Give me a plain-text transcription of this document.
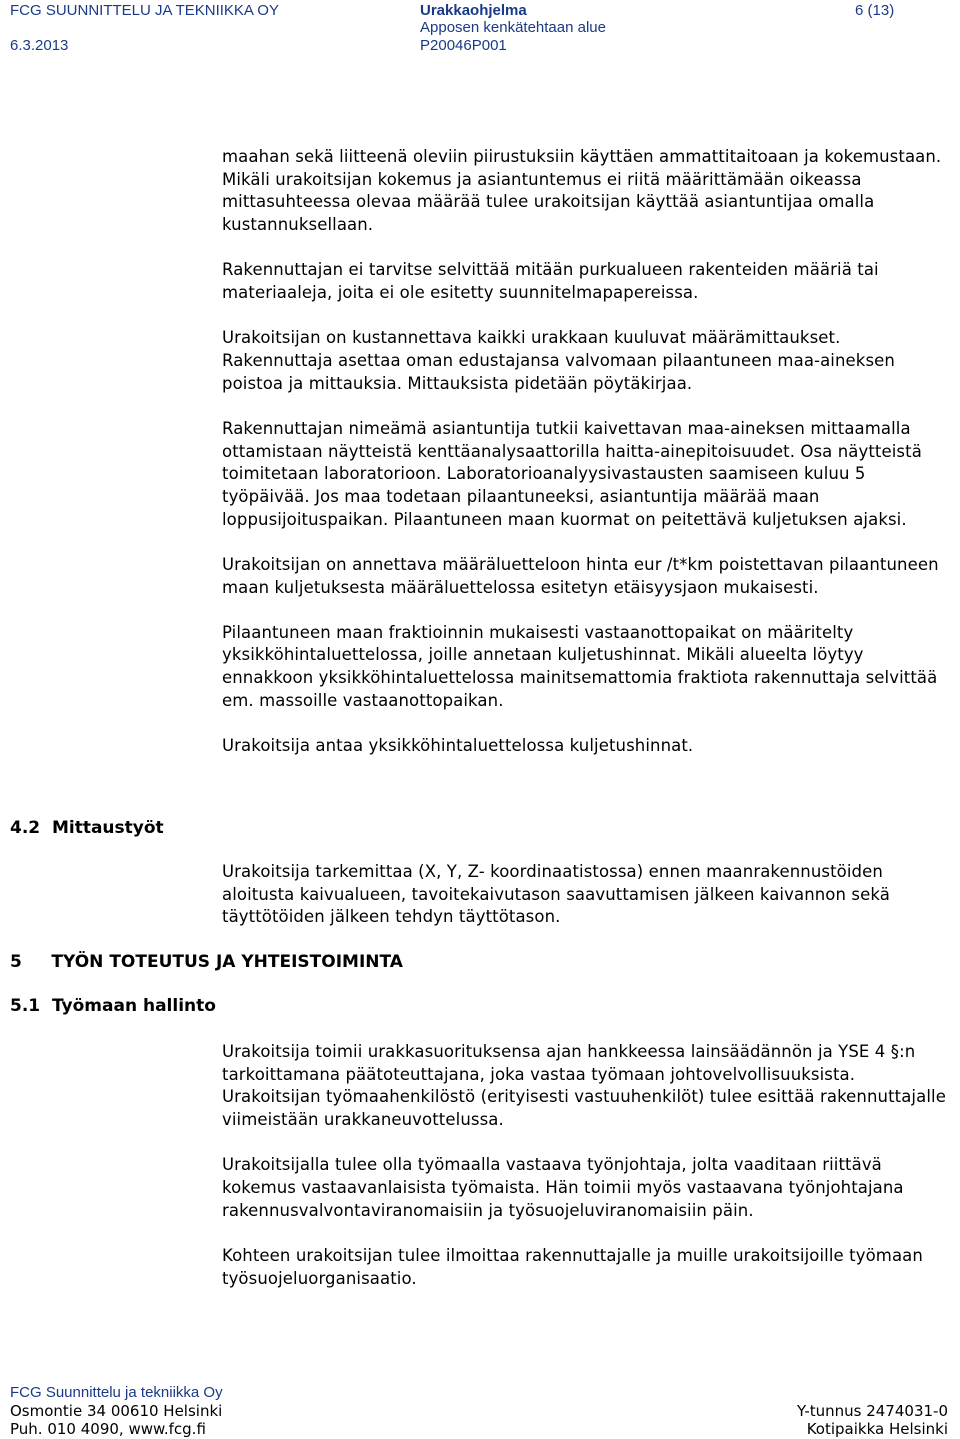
FCG SUUNNITTELU JA TEKNIIKKA OY
6.3.2013
Urakkaohjelma
Apposen kenkätehtaan alue
P20046P001
6 (13)

maahan sekä liitteenä oleviin piirustuksiin käyttäen ammattitaitoaan ja kokemustaan. Mikäli urakoitsijan kokemus ja asiantuntemus ei riitä määrittämään oikeassa mittasuhteessa olevaa määrää tulee urakoitsijan käyttää asiantuntijaa omalla kustannuksellaan.

Rakennuttajan ei tarvitse selvittää mitään purkualueen rakenteiden määriä tai materiaaleja, joita ei ole esitetty suunnitelmapapereissa.

Urakoitsijan on kustannettava kaikki urakkaan kuuluvat määrämittaukset. Rakennuttaja asettaa oman edustajansa valvomaan pilaantuneen maa-aineksen poistoa ja mittauksia. Mittauksista pidetään pöytäkirjaa.

Rakennuttajan nimeämä asiantuntija tutkii kaivettavan maa-aineksen mittaamalla ottamistaan näytteistä kenttäanalysaattorilla haitta-ainepitoisuudet. Osa näytteistä toimitetaan laboratorioon. Laboratorioanalyysivastausten saamiseen kuluu 5 työpäivää. Jos maa todetaan pilaantuneeksi, asiantuntija määrää maan loppusijoituspaikan. Pilaantuneen maan kuormat on peitettävä kuljetuksen ajaksi.

Urakoitsijan on annettava määräluetteloon hinta eur /t*km poistettavan pilaantuneen maan kuljetuksesta määräluettelossa esitetyn etäisyysjaon mukaisesti.

Pilaantuneen maan fraktioinnin mukaisesti vastaanottopaikat on määritelty yksikköhintaluettelossa, joille annetaan kuljetushinnat. Mikäli alueelta löytyy ennakkoon yksikköhintaluettelossa mainitsemattomia fraktiota rakennuttaja selvittää em. massoille vastaanottopaikan.

Urakoitsija antaa yksikköhintaluettelossa kuljetushinnat.

4.2  Mittaustyöt

Urakoitsija tarkemittaa (X, Y, Z- koordinaatistossa) ennen maanrakennustöiden aloitusta kaivualueen, tavoitekaivutason saavuttamisen jälkeen kaivannon sekä täyttötöiden jälkeen tehdyn täyttötason.

5     TYÖN TOTEUTUS JA YHTEISTOIMINTA
5.1  Työmaan hallinto

Urakoitsija toimii urakkasuorituksensa ajan hankkeessa lainsäädännön ja YSE 4 §:n tarkoittamana päätoteuttajana, joka vastaa työmaan johtovelvollisuuksista. Urakoitsijan työmaahenkilöstö (erityisesti vastuuhenkilöt) tulee esittää rakennuttajalle viimeistään urakkaneuvottelussa.

Urakoitsijalla tulee olla työmaalla vastaava työnjohtaja, jolta vaaditaan riittävä kokemus vastaavanlaisista työmaista. Hän toimii myös vastaavana työnjohtajana rakennusvalvontaviranomaisiin ja työsuojeluviranomaisiin päin.

Kohteen urakoitsijan tulee ilmoittaa rakennuttajalle ja muille urakoitsijoille työmaan työsuojeluorganisaatio.

FCG Suunnittelu ja tekniikka Oy
Osmontie 34 00610 Helsinki
Puh. 010 4090, www.fcg.fi
Y-tunnus 2474031-0
Kotipaikka Helsinki
